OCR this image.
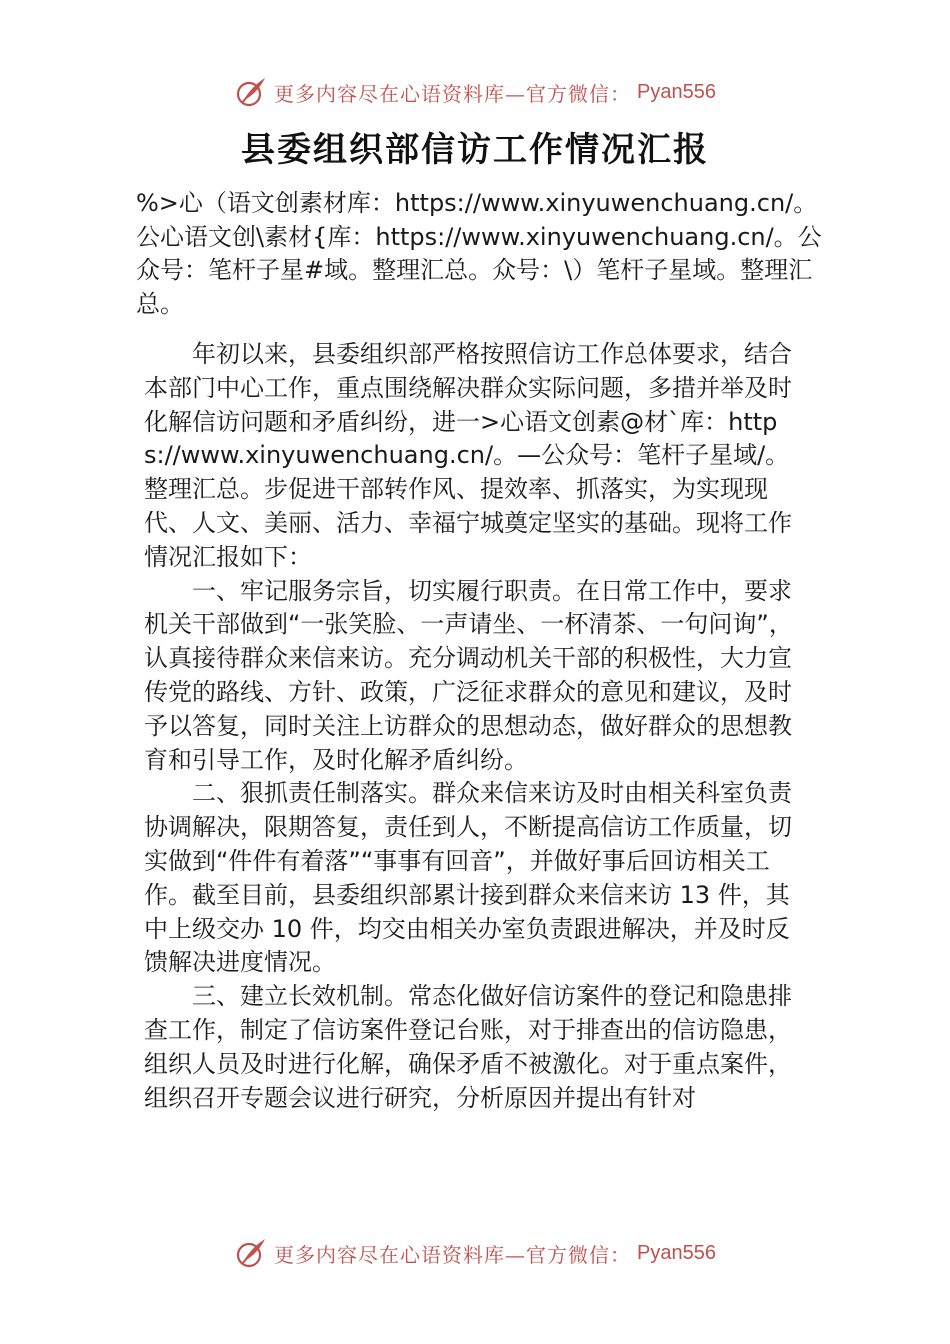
更多内容尽在心语资料库—官方微信： Pyan556
县委组织部信访工作情况汇报

%>心（语文创素材库：https://www.xinyuwenchuang.cn/。公心语文创\素材{库：https://www.xinyuwenchuang.cn/。公众号：笔杆子星#域。整理汇总。众号：\）笔杆子星域。整理汇总。

年初以来，县委组织部严格按照信访工作总体要求，结合本部门中心工作，重点围绕解决群众实际问题，多措并举及时化解信访问题和矛盾纠纷，进一>心语文创素@材`库：https://www.xinyuwenchuang.cn/。—公众号：笔杆子星域/。整理汇总。步促进干部转作风、提效率、抓落实，为实现现代、人文、美丽、活力、幸福宁城奠定坚实的基础。现将工作情况汇报如下：

一、牢记服务宗旨，切实履行职责。在日常工作中，要求机关干部做到“一张笑脸、一声请坐、一杯清茶、一句问询”，认真接待群众来信来访。充分调动机关干部的积极性，大力宣传党的路线、方针、政策，广泛征求群众的意见和建议，及时予以答复，同时关注上访群众的思想动态，做好群众的思想教育和引导工作，及时化解矛盾纠纷。

二、狠抓责任制落实。群众来信来访及时由相关科室负责协调解决，限期答复，责任到人，不断提高信访工作质量，切实做到“件件有着落”“事事有回音”，并做好事后回访相关工作。截至目前，县委组织部累计接到群众来信来访 13 件，其中上级交办 10 件，均交由相关办室负责跟进解决，并及时反馈解决进度情况。

三、建立长效机制。常态化做好信访案件的登记和隐患排查工作，制定了信访案件登记台账，对于排查出的信访隐患，组织人员及时进行化解，确保矛盾不被激化。对于重点案件，组织召开专题会议进行研究，分析原因并提出有针对

更多内容尽在心语资料库—官方微信： Pyan556
